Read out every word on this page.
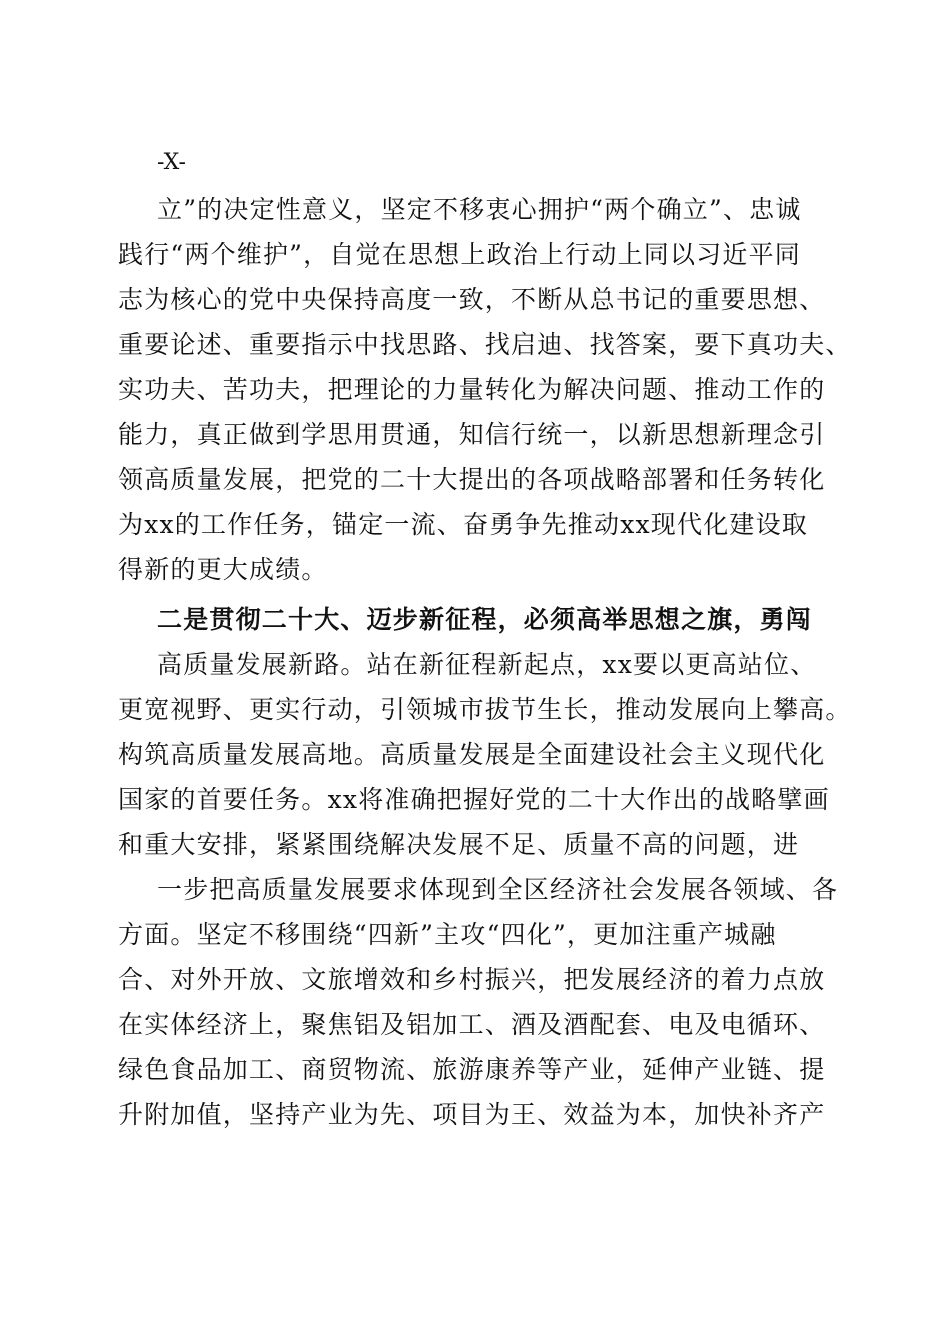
-X-
立”的决定性意义，坚定不移衷心拥护“两个确立”、忠诚
践行“两个维护”，自觉在思想上政治上行动上同以习近平同
志为核心的党中央保持高度一致，不断从总书记的重要思想、
重要论述、重要指示中找思路、找启迪、找答案，要下真功夫、
实功夫、苦功夫，把理论的力量转化为解决问题、推动工作的
能力，真正做到学思用贯通，知信行统一，以新思想新理念引
领高质量发展，把党的二十大提出的各项战略部署和任务转化
为xx的工作任务，锚定一流、奋勇争先推动xx现代化建设取
得新的更大成绩。
二是贯彻二十大、迈步新征程，必须高举思想之旗，勇闯
高质量发展新路。站在新征程新起点，xx要以更高站位、
更宽视野、更实行动，引领城市拔节生长，推动发展向上攀高。
构筑高质量发展高地。高质量发展是全面建设社会主义现代化
国家的首要任务。xx将准确把握好党的二十大作出的战略擘画
和重大安排，紧紧围绕解决发展不足、质量不高的问题，进
一步把高质量发展要求体现到全区经济社会发展各领域、各
方面。坚定不移围绕“四新”主攻“四化”，更加注重产城融
合、对外开放、文旅增效和乡村振兴，把发展经济的着力点放
在实体经济上，聚焦铝及铝加工、酒及酒配套、电及电循环、
绿色食品加工、商贸物流、旅游康养等产业，延伸产业链、提
升附加值，坚持产业为先、项目为王、效益为本，加快补齐产
